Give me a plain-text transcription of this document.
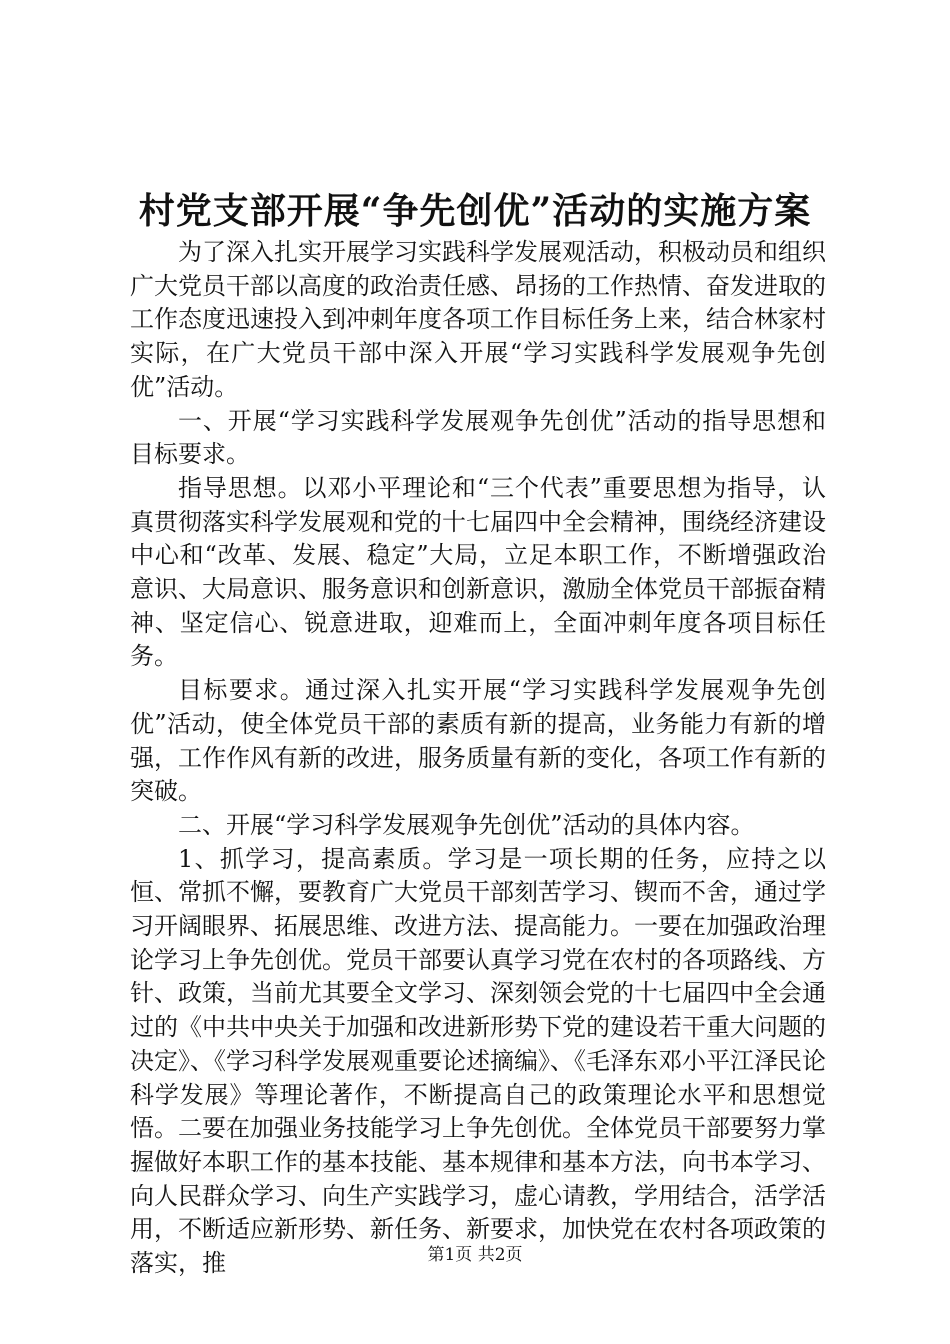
村党支部开展“争先创优”活动的实施方案

为了深入扎实开展学习实践科学发展观活动，积极动员和组织广大党员干部以高度的政治责任感、昂扬的工作热情、奋发进取的工作态度迅速投入到冲刺年度各项工作目标任务上来，结合林家村实际，在广大党员干部中深入开展“学习实践科学发展观争先创优”活动。

一、开展“学习实践科学发展观争先创优”活动的指导思想和目标要求。

指导思想。以邓小平理论和“三个代表”重要思想为指导，认真贯彻落实科学发展观和党的十七届四中全会精神，围绕经济建设中心和“改革、发展、稳定”大局，立足本职工作，不断增强政治意识、大局意识、服务意识和创新意识，激励全体党员干部振奋精神、坚定信心、锐意进取，迎难而上，全面冲刺年度各项目标任务。

目标要求。通过深入扎实开展“学习实践科学发展观争先创优”活动，使全体党员干部的素质有新的提高，业务能力有新的增强，工作作风有新的改进，服务质量有新的变化，各项工作有新的突破。

二、开展“学习科学发展观争先创优”活动的具体内容。

1、抓学习，提高素质。学习是一项长期的任务，应持之以恒、常抓不懈，要教育广大党员干部刻苦学习、锲而不舍，通过学习开阔眼界、拓展思维、改进方法、提高能力。一要在加强政治理论学习上争先创优。党员干部要认真学习党在农村的各项路线、方针、政策，当前尤其要全文学习、深刻领会党的十七届四中全会通过的《中共中央关于加强和改进新形势下党的建设若干重大问题的决定》、《学习科学发展观重要论述摘编》、《毛泽东邓小平江泽民论科学发展》等理论著作，不断提高自己的政策理论水平和思想觉悟。二要在加强业务技能学习上争先创优。全体党员干部要努力掌握做好本职工作的基本技能、基本规律和基本方法，向书本学习、向人民群众学习、向生产实践学习，虚心请教，学用结合，活学活用，不断适应新形势、新任务、新要求，加快党在农村各项政策的落实，推	第1页 共2页
